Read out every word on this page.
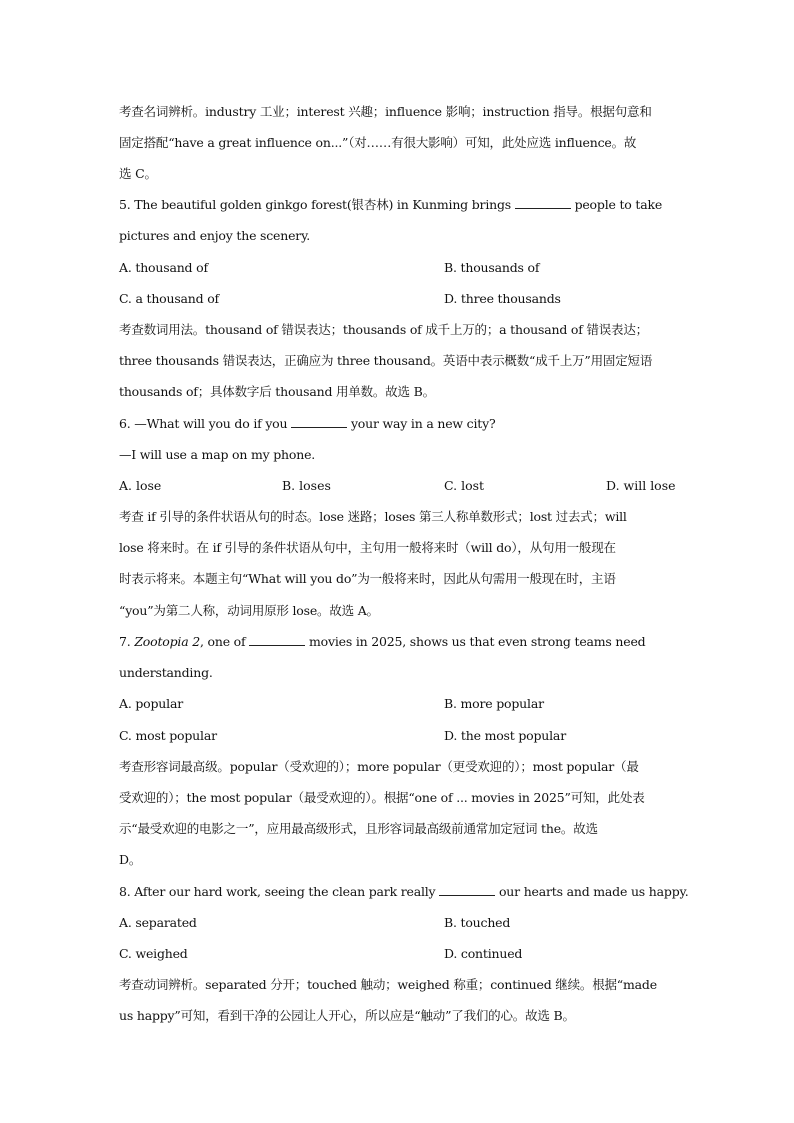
考查名词辨析。industry 工业；interest 兴趣；influence 影响；instruction 指导。根据句意和
固定搭配“have a great influence on...”（对……有很大影响）可知，此处应选 influence。故
选 C。
5. The beautiful golden ginkgo forest(银杏林) in Kunming brings	people to take
pictures and enjoy the scenery.
A. thousand of	B. thousands of
C. a thousand of	D. three thousands
考查数词用法。thousand of 错误表达；thousands of 成千上万的；a thousand of 错误表达；
three thousands 错误表达，正确应为 three thousand。英语中表示概数“成千上万”用固定短语
thousands of；具体数字后 thousand 用单数。故选 B。
6. —What will you do if you	your way in a new city?
—I will use a map on my phone.
A. lose	B. loses	C. lost	D. will lose
考查 if 引导的条件状语从句的时态。lose 迷路；loses 第三人称单数形式；lost 过去式；will
lose 将来时。在 if 引导的条件状语从句中，主句用一般将来时（will do），从句用一般现在
时表示将来。本题主句“What will you do”为一般将来时，因此从句需用一般现在时，主语
“you”为第二人称，动词用原形 lose。故选 A。
7. Zootopia 2, one of	movies in 2025, shows us that even strong teams need
understanding.
A. popular	B. more popular
C. most popular	D. the most popular
考查形容词最高级。popular（受欢迎的）；more popular（更受欢迎的）；most popular（最
受欢迎的）；the most popular（最受欢迎的）。根据“one of ... movies in 2025”可知，此处表
示“最受欢迎的电影之一”，应用最高级形式，且形容词最高级前通常加定冠词 the。故选
D。
8. After our hard work, seeing the clean park really	our hearts and made us happy.
A. separated	B. touched
C. weighed	D. continued
考查动词辨析。separated 分开；touched 触动；weighed 称重；continued 继续。根据“made
us happy”可知，看到干净的公园让人开心，所以应是“触动”了我们的心。故选 B。
